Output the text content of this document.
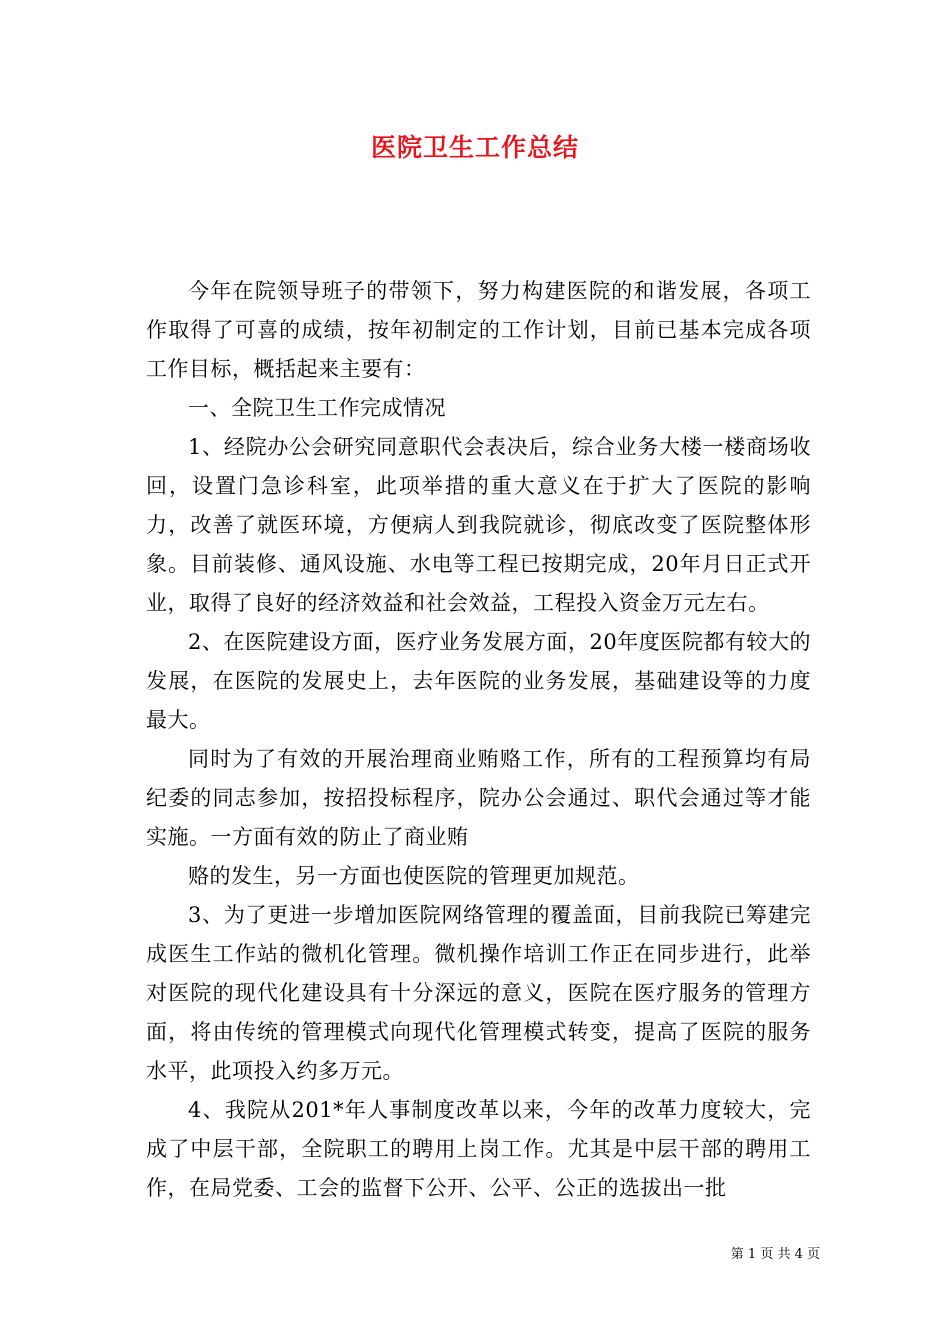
医院卫生工作总结

今年在院领导班子的带领下，努力构建医院的和谐发展，各项工作取得了可喜的成绩，按年初制定的工作计划，目前已基本完成各项工作目标，概括起来主要有：

一、全院卫生工作完成情况

1、经院办公会研究同意职代会表决后，综合业务大楼一楼商场收回，设置门急诊科室，此项举措的重大意义在于扩大了医院的影响力，改善了就医环境，方便病人到我院就诊，彻底改变了医院整体形象。目前装修、通风设施、水电等工程已按期完成，20年月日正式开业，取得了良好的经济效益和社会效益，工程投入资金万元左右。

2、在医院建设方面，医疗业务发展方面，20年度医院都有较大的发展，在医院的发展史上，去年医院的业务发展，基础建设等的力度最大。

同时为了有效的开展治理商业贿赂工作，所有的工程预算均有局纪委的同志参加，按招投标程序，院办公会通过、职代会通过等才能实施。一方面有效的防止了商业贿

赂的发生，另一方面也使医院的管理更加规范。

3、为了更进一步增加医院网络管理的覆盖面，目前我院已筹建完成医生工作站的微机化管理。微机操作培训工作正在同步进行，此举对医院的现代化建设具有十分深远的意义，医院在医疗服务的管理方面，将由传统的管理模式向现代化管理模式转变，提高了医院的服务水平，此项投入约多万元。

4、我院从201*年人事制度改革以来，今年的改革力度较大，完成了中层干部，全院职工的聘用上岗工作。尤其是中层干部的聘用工作，在局党委、工会的监督下公开、公平、公正的选拔出一批

第 1 页 共 4 页
